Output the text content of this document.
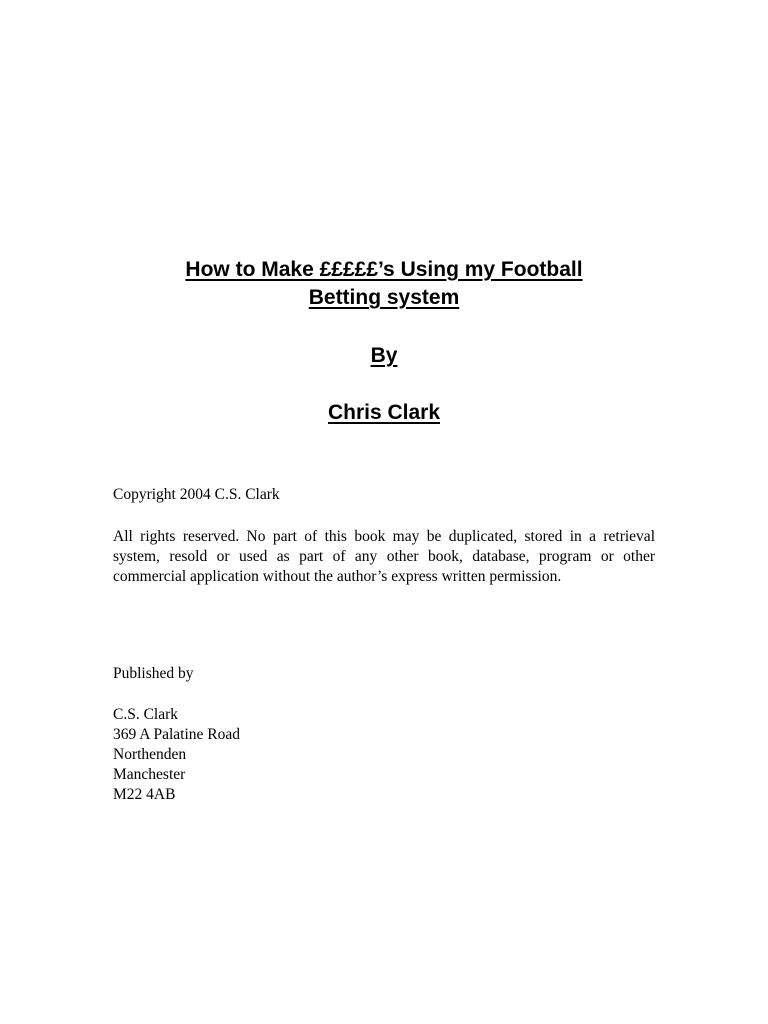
How to Make £££££’s Using my Football
Betting system
By
Chris Clark
Copyright 2004 C.S. Clark
All rights reserved. No part of this book may be duplicated, stored in a retrieval system, resold or used as part of any other book, database, program or other commercial application without the author’s express written permission.
Published by
C.S. Clark
369 A Palatine Road
Northenden
Manchester
M22 4AB
